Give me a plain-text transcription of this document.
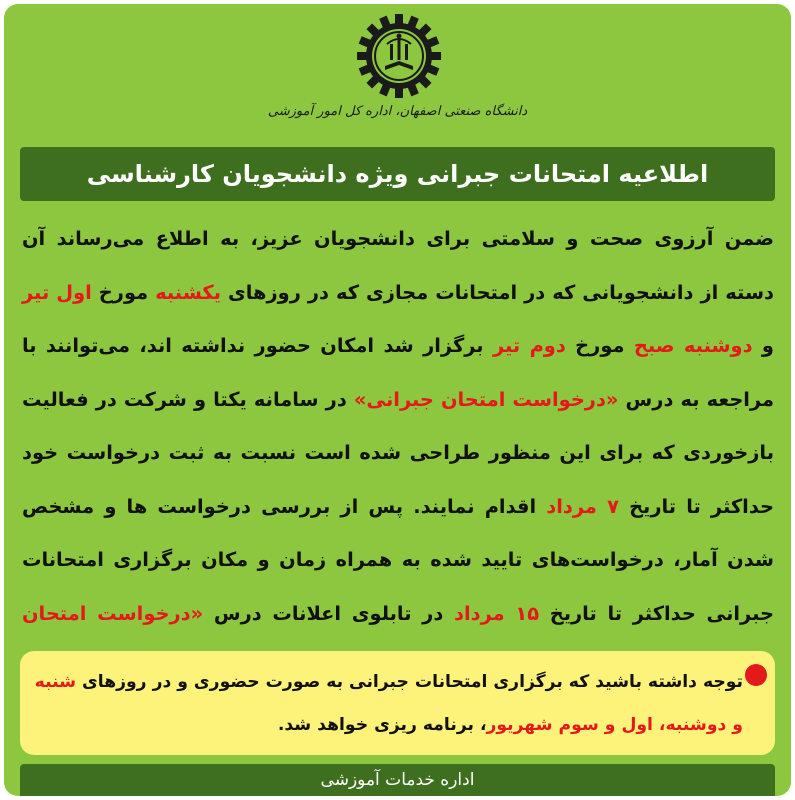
دانشگاه صنعتی اصفهان، اداره کل امور آموزشی
اطلاعیه امتحانات جبرانی ویژه دانشجویان کارشناسی
ضمن آرزوی صحت و سلامتی برای دانشجویان عزیز، به اطلاع می‌رساند آن دسته از دانشجویانی که در امتحانات مجازی که در روزهای یکشنبه مورخ اول تیر و دوشنبه صبح مورخ دوم تیر برگزار شد امکان حضور نداشته اند، می‌توانند با مراجعه به درس «درخواست امتحان جبرانی» در سامانه یکتا و شرکت در فعالیت بازخوردی که برای این منظور طراحی شده است نسبت به ثبت درخواست خود حداکثر تا تاریخ ۷ مرداد اقدام نمایند. پس از بررسی درخواست ها و مشخص شدن آمار، درخواست‌های تایید شده به همراه زمان و مکان برگزاری امتحانات جبرانی حداکثر تا تاریخ ۱۵ مرداد در تابلوی اعلانات درس «درخواست امتحان
توجه داشته باشید که برگزاری امتحانات جبرانی به صورت حضوری و در روزهای شنبه و دوشنبه، اول و سوم شهریور، برنامه ریزی خواهد شد.
اداره خدمات آموزشی
